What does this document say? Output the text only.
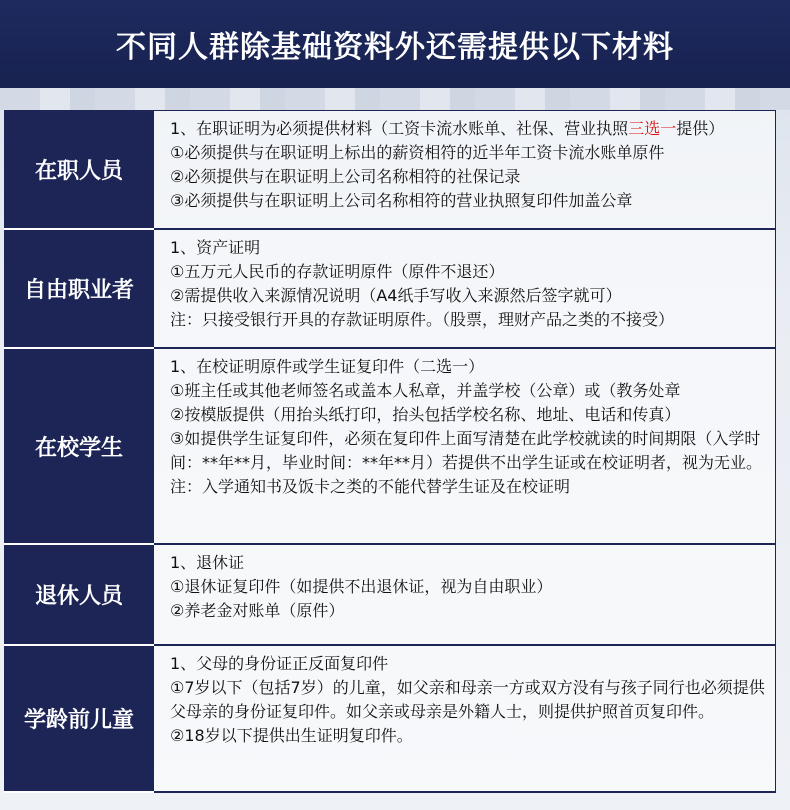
不同人群除基础资料外还需提供以下材料
在职人员
1、在职证明为必须提供材料（工资卡流水账单、社保、营业执照三选一提供）
①必须提供与在职证明上标出的薪资相符的近半年工资卡流水账单原件
②必须提供与在职证明上公司名称相符的社保记录
③必须提供与在职证明上公司名称相符的营业执照复印件加盖公章
自由职业者
1、资产证明
①五万元人民币的存款证明原件（原件不退还）
②需提供收入来源情况说明（A4纸手写收入来源然后签字就可）
注：只接受银行开具的存款证明原件。（股票，理财产品之类的不接受）
在校学生
1、在校证明原件或学生证复印件（二选一）
①班主任或其他老师签名或盖本人私章，并盖学校（公章）或（教务处章
②按模版提供（用抬头纸打印，抬头包括学校名称、地址、电话和传真）
③如提供学生证复印件，必须在复印件上面写清楚在此学校就读的时间期限（入学时间：**年**月，毕业时间：**年**月）若提供不出学生证或在校证明者，视为无业。
注：入学通知书及饭卡之类的不能代替学生证及在校证明
退休人员
1、退休证
①退休证复印件（如提供不出退休证，视为自由职业）
②养老金对账单（原件）
学龄前儿童
1、父母的身份证正反面复印件
①7岁以下（包括7岁）的儿童，如父亲和母亲一方或双方没有与孩子同行也必须提供父母亲的身份证复印件。如父亲或母亲是外籍人士，则提供护照首页复印件。
②18岁以下提供出生证明复印件。
